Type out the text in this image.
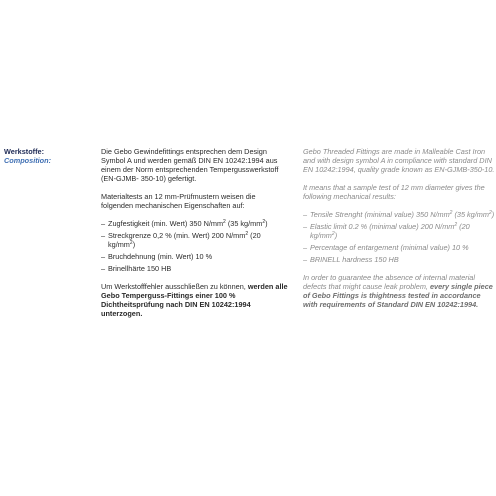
Werkstoffe:
Composition:

Die Gebo Gewindefittings entsprechen dem Design Symbol A und werden gemäß DIN EN 10242:1994 aus einem der Norm entsprechenden Tempergusswerkstoff (EN-GJMB- 350-10) gefertigt.

Materialtests an 12 mm-Prüfmustern weisen die folgenden mechanischen Eigenschaften auf:

– Zugfestigkeit (min. Wert) 350 $N/mm^2$ (35 $kg/mm^2$)
– Streckgrenze 0,2 % (min. Wert) 200 $N/mm^2$ (20 $kg/mm^2$)
– Bruchdehnung (min. Wert) 10 %
– Brinellhärte 150 HB

Um Werkstofffehler ausschließen zu können, werden alle Gebo Temperguss-Fittings einer 100 % Dichtheitsprüfung nach DIN EN 10242:1994 unterzogen.

Gebo Threaded Fittings are made in Malleable Cast Iron and with design symbol A in compliance with standard DIN EN 10242:1994, quality grade known as EN-GJMB-350-10.

It means that a sample test of 12 mm diameter gives the following mechanical results:

– Tensile Strenght (minimal value) 350 $N/mm^2$ (35 $kg/mm^2$)
– Elastic limit 0.2 % (minimal value) 200 $N/mm^2$ (20 $kg/mm^2$)
– Percentage of entargement (minimal value) 10 %
– BRINELL hardness 150 HB

In order to guarantee the absence of internal material defects that might cause leak problem, every single piece of Gebo Fittings is thightness tested in accordance with requirements of Standard DIN EN 10242:1994.
